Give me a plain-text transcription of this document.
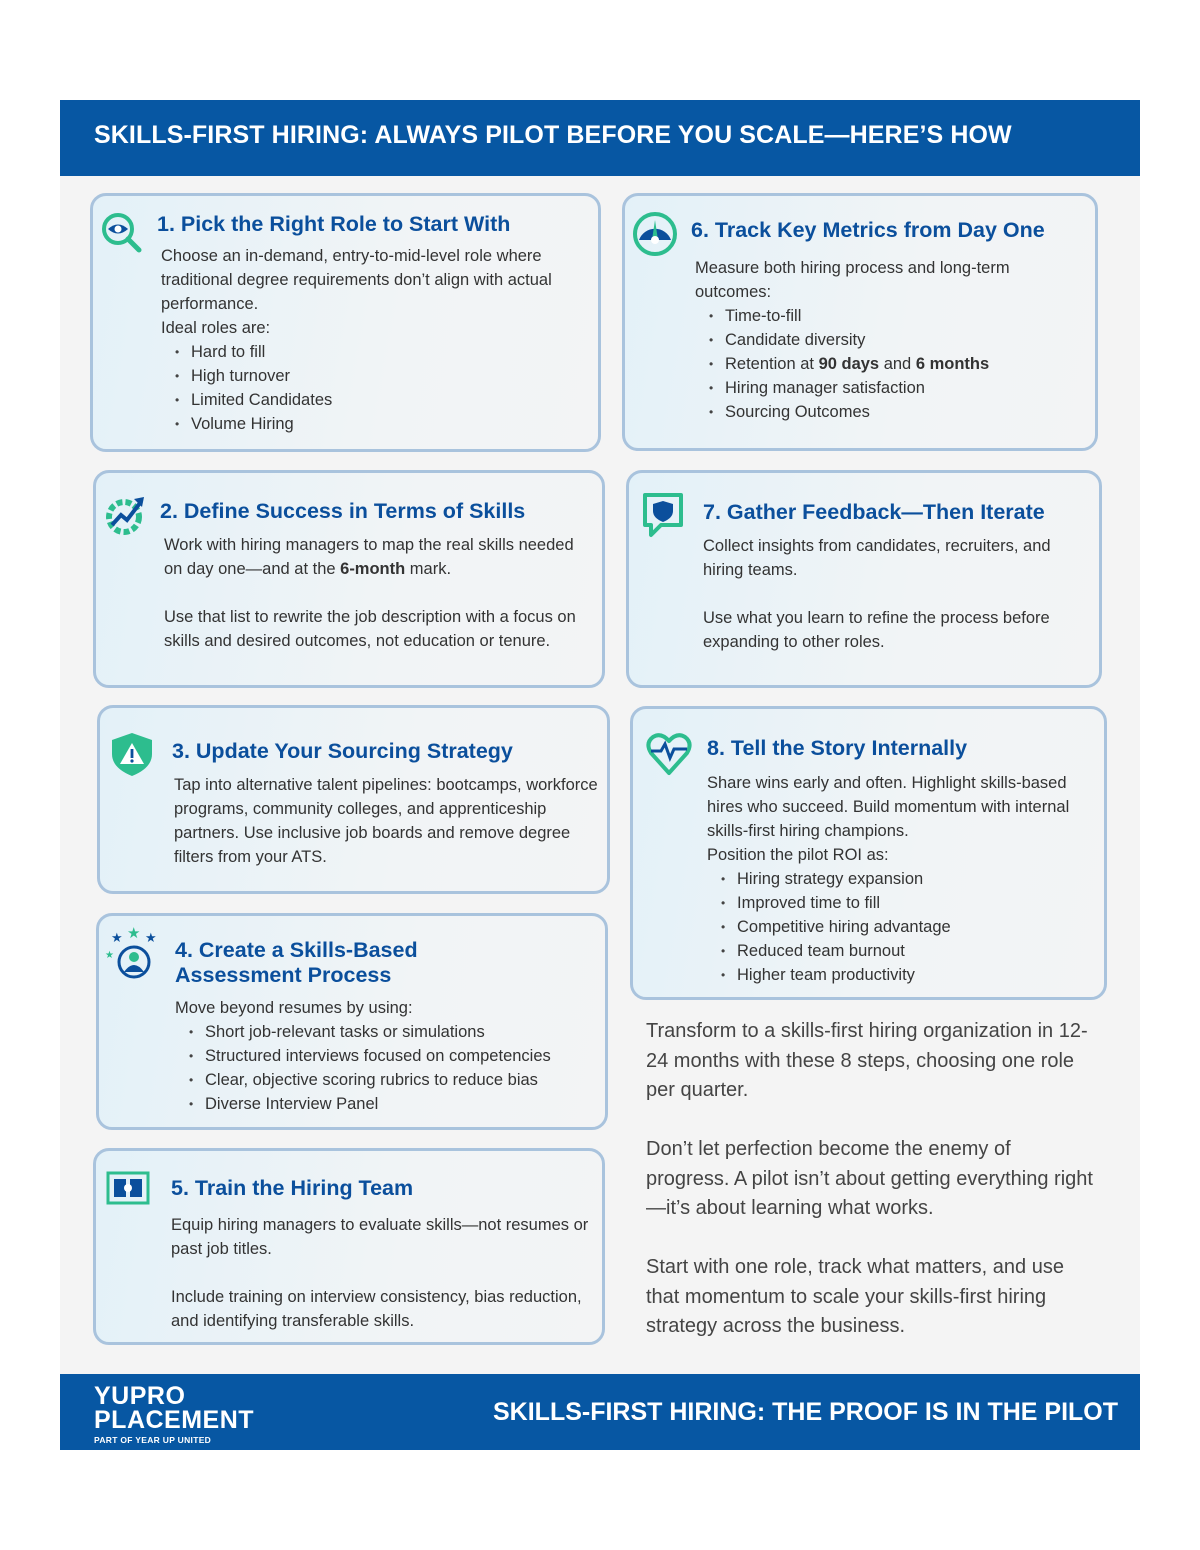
SKILLS-FIRST HIRING: ALWAYS PILOT BEFORE YOU SCALE—HERE’S HOW
1. Pick the Right Role to Start With

Choose an in-demand, entry-to-mid-level role where traditional degree requirements don’t align with actual performance.

Ideal roles are:

• Hard to fill
• High turnover
• Limited Candidates
• Volume Hiring
2. Define Success in Terms of Skills

Work with hiring managers to map the real skills needed on day one—and at the 6-month mark.

Use that list to rewrite the job description with a focus on skills and desired outcomes, not education or tenure.

3. Update Your Sourcing Strategy

Tap into alternative talent pipelines: bootcamps, workforce programs, community colleges, and apprenticeship partners. Use inclusive job boards and remove degree filters from your ATS.

★ ★ ★
★	4. Create a Skills-Based Assessment Process

Move beyond resumes by using:

• Short job-relevant tasks or simulations
• Structured interviews focused on competencies
• Clear, objective scoring rubrics to reduce bias
• Diverse Interview Panel
5. Train the Hiring Team

Equip hiring managers to evaluate skills—not resumes or past job titles.

Include training on interview consistency, bias reduction, and identifying transferable skills.

6. Track Key Metrics from Day One

Measure both hiring process and long-term outcomes:

• Time-to-fill
• Candidate diversity
• Retention at 90 days and 6 months
• Hiring manager satisfaction
• Sourcing Outcomes
7. Gather Feedback—Then Iterate

Collect insights from candidates, recruiters, and hiring teams.

Use what you learn to refine the process before expanding to other roles.

8. Tell the Story Internally

Share wins early and often. Highlight skills-based hires who succeed. Build momentum with internal skills-first hiring champions.

Position the pilot ROI as:

• Hiring strategy expansion
• Improved time to fill
• Competitive hiring advantage
• Reduced team burnout
• Higher team productivity

Transform to a skills-first hiring organization in 12-24 months with these 8 steps, choosing one role per quarter.

Don’t let perfection become the enemy of progress. A pilot isn’t about getting everything right—it’s about learning what works.

Start with one role, track what matters, and use that momentum to scale your skills-first hiring strategy across the business.

YUPRO
PLACEMENT
PART OF YEAR UP UNITED
SKILLS-FIRST HIRING: THE PROOF IS IN THE PILOT
